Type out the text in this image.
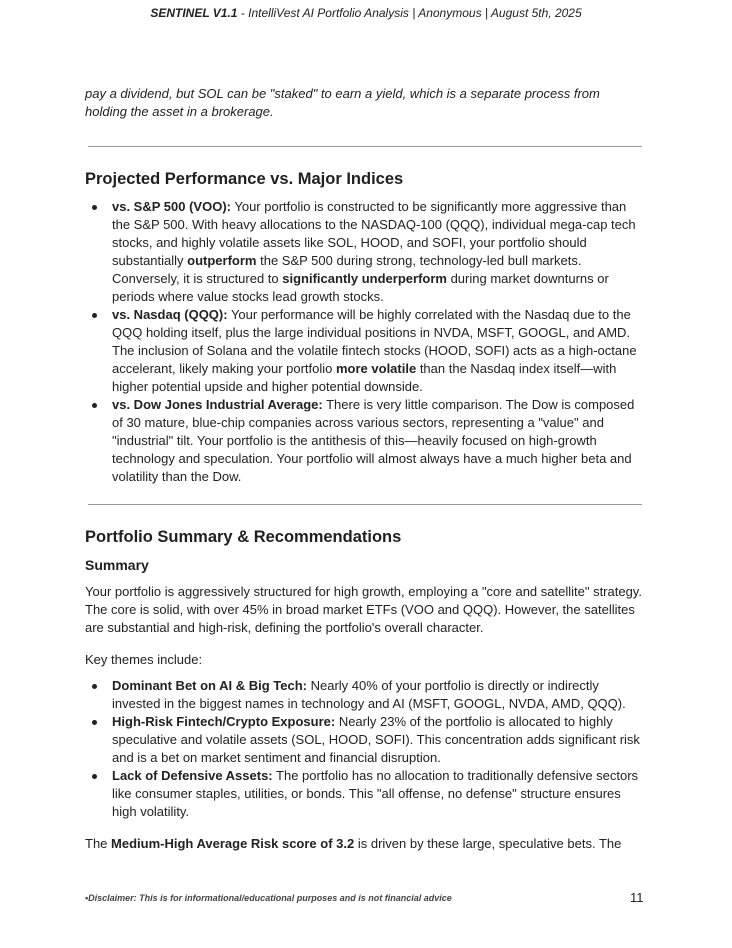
SENTINEL V1.1 - IntelliVest AI Portfolio Analysis | Anonymous | August 5th, 2025

pay a dividend, but SOL can be "staked" to earn a yield, which is a separate process from holding the asset in a brokerage.

Projected Performance vs. Major Indices
vs. S&P 500 (VOO): Your portfolio is constructed to be significantly more aggressive than the S&P 500. With heavy allocations to the NASDAQ-100 (QQQ), individual mega-cap tech stocks, and highly volatile assets like SOL, HOOD, and SOFI, your portfolio should substantially outperform the S&P 500 during strong, technology-led bull markets. Conversely, it is structured to significantly underperform during market downturns or periods where value stocks lead growth stocks.
vs. Nasdaq (QQQ): Your performance will be highly correlated with the Nasdaq due to the QQQ holding itself, plus the large individual positions in NVDA, MSFT, GOOGL, and AMD. The inclusion of Solana and the volatile fintech stocks (HOOD, SOFI) acts as a high-octane accelerant, likely making your portfolio more volatile than the Nasdaq index itself—with higher potential upside and higher potential downside.
vs. Dow Jones Industrial Average: There is very little comparison. The Dow is composed of 30 mature, blue-chip companies across various sectors, representing a "value" and "industrial" tilt. Your portfolio is the antithesis of this—heavily focused on high-growth technology and speculation. Your portfolio will almost always have a much higher beta and volatility than the Dow.
Portfolio Summary & Recommendations
Summary

Your portfolio is aggressively structured for high growth, employing a "core and satellite" strategy. The core is solid, with over 45% in broad market ETFs (VOO and QQQ). However, the satellites are substantial and high-risk, defining the portfolio's overall character.

Key themes include:

Dominant Bet on AI & Big Tech: Nearly 40% of your portfolio is directly or indirectly invested in the biggest names in technology and AI (MSFT, GOOGL, NVDA, AMD, QQQ).
High-Risk Fintech/Crypto Exposure: Nearly 23% of the portfolio is allocated to highly speculative and volatile assets (SOL, HOOD, SOFI). This concentration adds significant risk and is a bet on market sentiment and financial disruption.
Lack of Defensive Assets: The portfolio has no allocation to traditionally defensive sectors like consumer staples, utilities, or bonds. This "all offense, no defense" structure ensures high volatility.

The Medium-High Average Risk score of 3.2 is driven by these large, speculative bets. The

•Disclaimer: This is for informational/educational purposes and is not financial advice	11
